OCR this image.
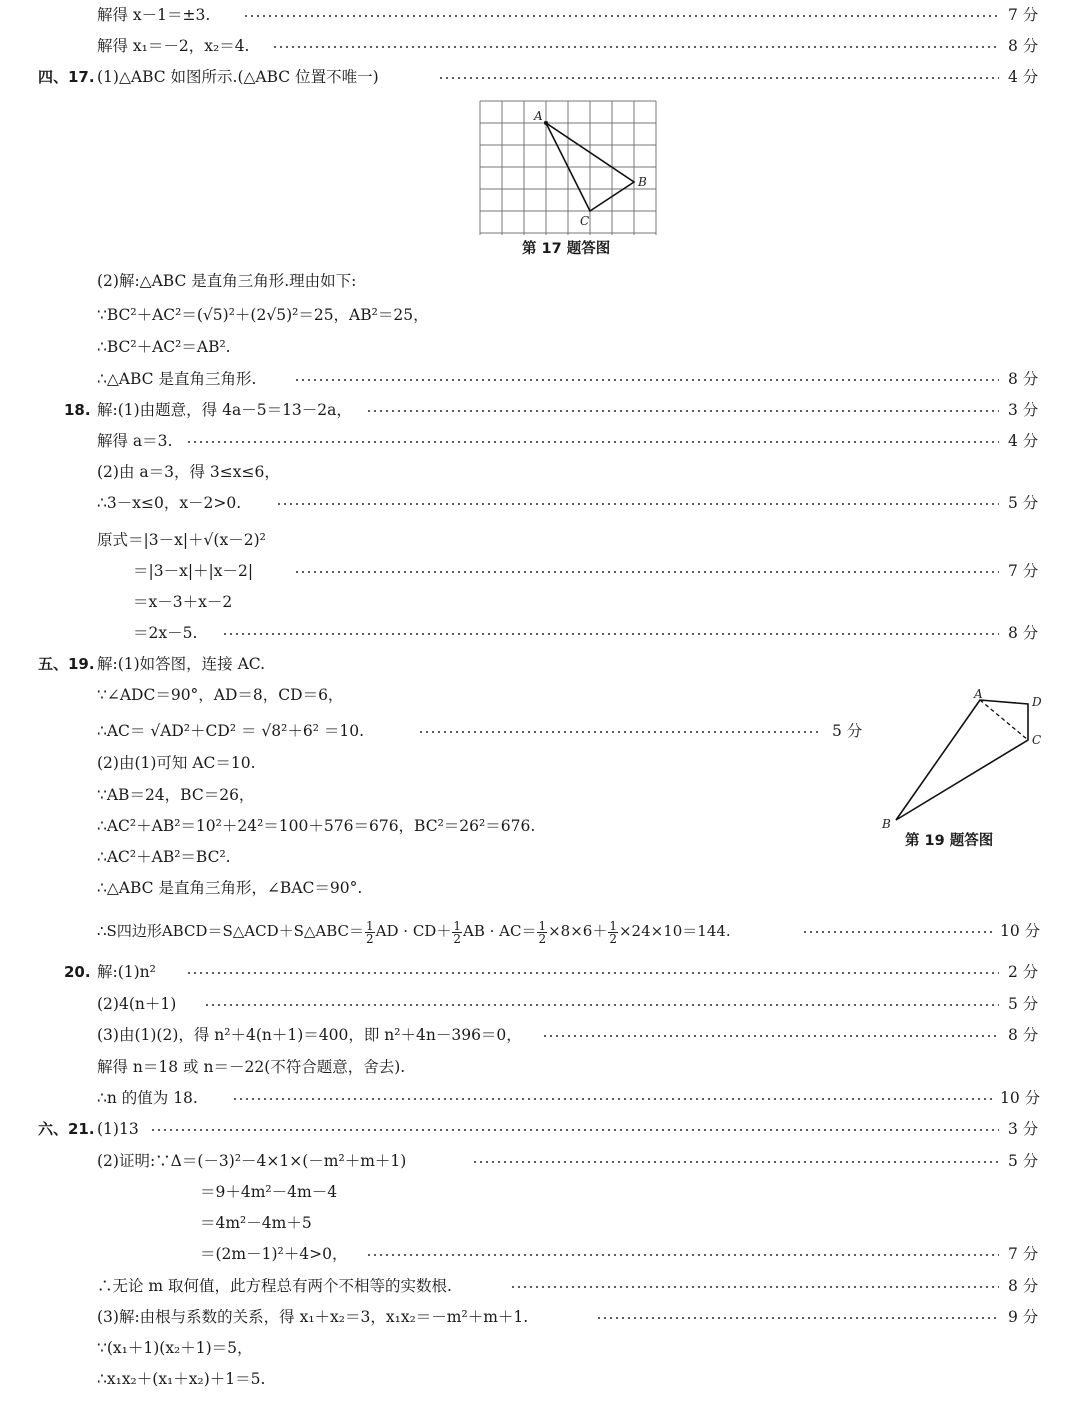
解得 x－1＝±3.	7 分
解得 x₁＝－2，x₂＝4.	8 分
四、17. (1)△ABC 如图所示.(△ABC 位置不唯一)	4 分
A
B
C
第 17 题答图
(2)解:△ABC 是直角三角形.理由如下:
∵BC²＋AC²＝(√5)²＋(2√5)²＝25，AB²＝25，
∴BC²＋AC²＝AB².
∴△ABC 是直角三角形.	8 分
18. 解:(1)由题意，得 4a－5＝13－2a，	3 分
解得 a＝3.	4 分
(2)由 a＝3，得 3≤x≤6，
∴3－x≤0，x－2>0.	5 分
原式＝|3－x|＋√(x－2)²
＝|3－x|＋|x－2|	7 分
＝x－3＋x－2
＝2x－5.	8 分
五、19. 解:(1)如答图，连接 AC.
∵∠ADC＝90°，AD＝8，CD＝6，
∴AC＝ √AD²＋CD² ＝ √8²＋6² ＝10.	5 分
A
B
C
D
第 19 题答图
(2)由(1)可知 AC＝10.
∵AB＝24，BC＝26，
∴AC²＋AB²＝10²＋24²＝100＋576＝676，BC²＝26²＝676.
∴AC²＋AB²＝BC².
∴△ABC 是直角三角形，∠BAC＝90°.
∴S四边形ABCD＝S△ACD＋S△ABC＝ $\frac{1}{2}$ AD · $CD+ \frac{1}{2}$ AB · $AC= \frac{1}{2} \times 8\times 6+ \frac{1}{2} \times 24\times 10=144$.	10 分
20. 解:(1)n²	2 分
(2)4(n＋1)	5 分
(3)由(1)(2)，得 n²＋4(n＋1)＝400，即 n²＋4n－396＝0，	8 分
解得 n＝18 或 n＝－22(不符合题意，舍去).
∴n 的值为 18.	10 分
六、21. (1)13	3 分
(2)证明:∵Δ＝(－3)²－4×1×(－m²＋m＋1)	5 分
＝9＋4m²－4m－4
＝4m²－4m＋5
＝(2m－1)²＋4>0，	7 分
∴无论 m 取何值，此方程总有两个不相等的实数根.	8 分
(3)解:由根与系数的关系，得 x₁＋x₂＝3，x₁x₂＝－m²＋m＋1.	9 分
∵(x₁＋1)(x₂＋1)＝5，
∴x₁x₂＋(x₁＋x₂)＋1＝5.
